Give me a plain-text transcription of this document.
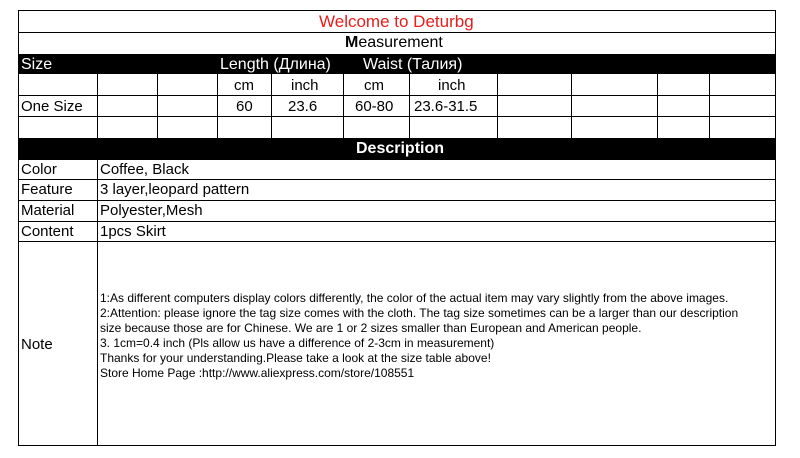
Welcome to Deturbg
Measurement
Size	Length (Длина) Waist (Талия)
cm inch	cm	inch
One Size	60 23.6	60-80 23.6-31.5
Description
Color	Coffee, Black
Feature 3 layer,leopard pattern
Material Polyester,Mesh
Content 1pcs Skirt
Note
1:As different computers display colors differently, the color of the actual item may vary slightly from the above images.
2:Attention: please ignore the tag size comes with the cloth. The tag size sometimes can be a larger than our description size because those are for Chinese. We are 1 or 2 sizes smaller than European and American people.
3. 1cm=0.4 inch (Pls allow us have a difference of 2-3cm in measurement)
Thanks for your understanding.Please take a look at the size table above!
Store Home Page :http://www.aliexpress.com/store/108551
